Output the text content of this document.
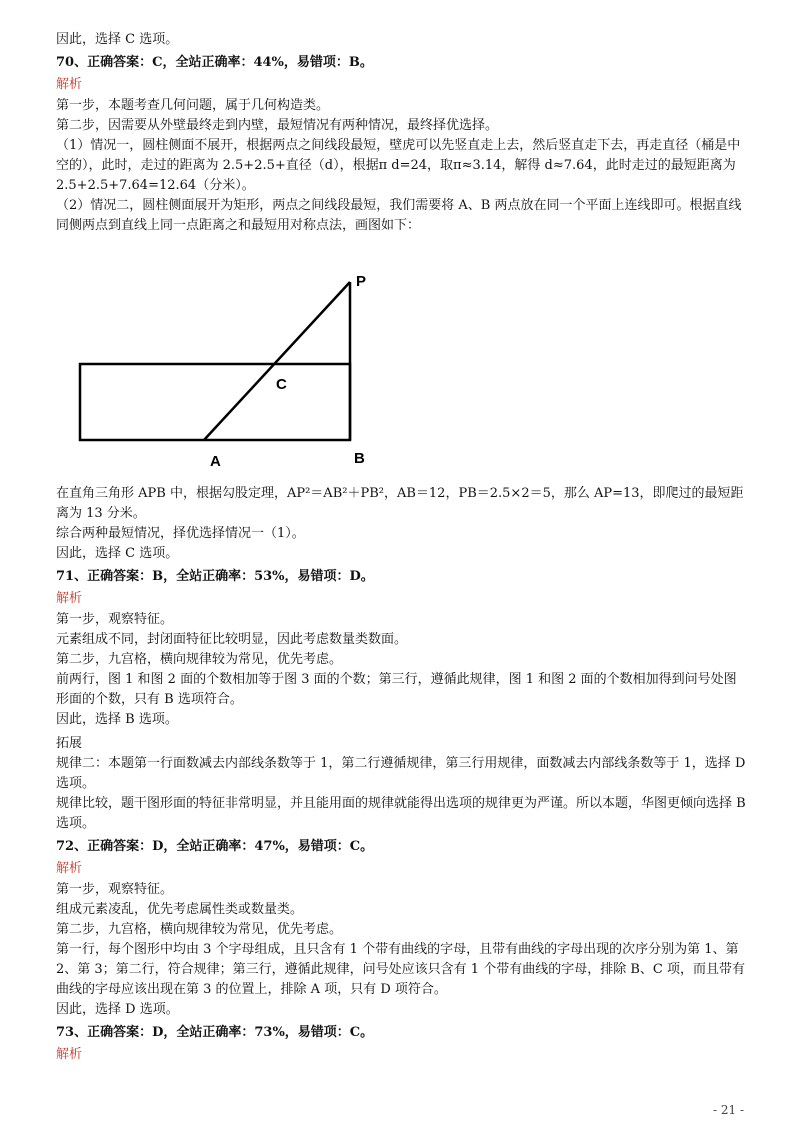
因此，选择 C 选项。

70、正确答案：C，全站正确率：44%，易错项：B。

解析

第一步，本题考查几何问题，属于几何构造类。

第二步，因需要从外壁最终走到内壁，最短情况有两种情况，最终择优选择。

（1）情况一，圆柱侧面不展开，根据两点之间线段最短，壁虎可以先竖直走上去，然后竖直走下去，再走直径（桶是中空的），此时，走过的距离为 2.5+2.5+直径（d），根据π d=24，取π≈3.14，解得 d≈7.64，此时走过的最短距离为 2.5+2.5+7.64=12.64（分米）。

（2）情况二，圆柱侧面展开为矩形，两点之间线段最短，我们需要将 A、B 两点放在同一个平面上连线即可。根据直线同侧两点到直线上同一点距离之和最短用对称点法，画图如下：

在直角三角形 APB 中，根据勾股定理，AP²＝AB²＋PB²，AB＝12，PB＝2.5×2＝5，那么 AP=13，即爬过的最短距离为 13 分米。

综合两种最短情况，择优选择情况一（1）。

因此，选择 C 选项。

71、正确答案：B，全站正确率：53%，易错项：D。

解析

第一步，观察特征。

元素组成不同，封闭面特征比较明显，因此考虑数量类数面。

第二步，九宫格，横向规律较为常见，优先考虑。

前两行，图 1 和图 2 面的个数相加等于图 3 面的个数；第三行，遵循此规律，图 1 和图 2 面的个数相加得到问号处图形面的个数，只有 B 选项符合。

因此，选择 B 选项。

拓展

规律二：本题第一行面数减去内部线条数等于 1，第二行遵循规律，第三行用规律，面数减去内部线条数等于 1，选择 D 选项。

规律比较，题干图形面的特征非常明显，并且能用面的规律就能得出选项的规律更为严谨。所以本题，华图更倾向选择 B 选项。

72、正确答案：D，全站正确率：47%，易错项：C。

解析

第一步，观察特征。

组成元素凌乱，优先考虑属性类或数量类。

第二步，九宫格，横向规律较为常见，优先考虑。

第一行，每个图形中均由 3 个字母组成，且只含有 1 个带有曲线的字母，且带有曲线的字母出现的次序分别为第 1、第 2、第 3；第二行，符合规律；第三行，遵循此规律，问号处应该只含有 1 个带有曲线的字母，排除 B、C 项，而且带有曲线的字母应该出现在第 3 的位置上，排除 A 项，只有 D 项符合。

因此，选择 D 选项。

73、正确答案：D，全站正确率：73%，易错项：C。

解析

P
C
A	B
- 21 -
